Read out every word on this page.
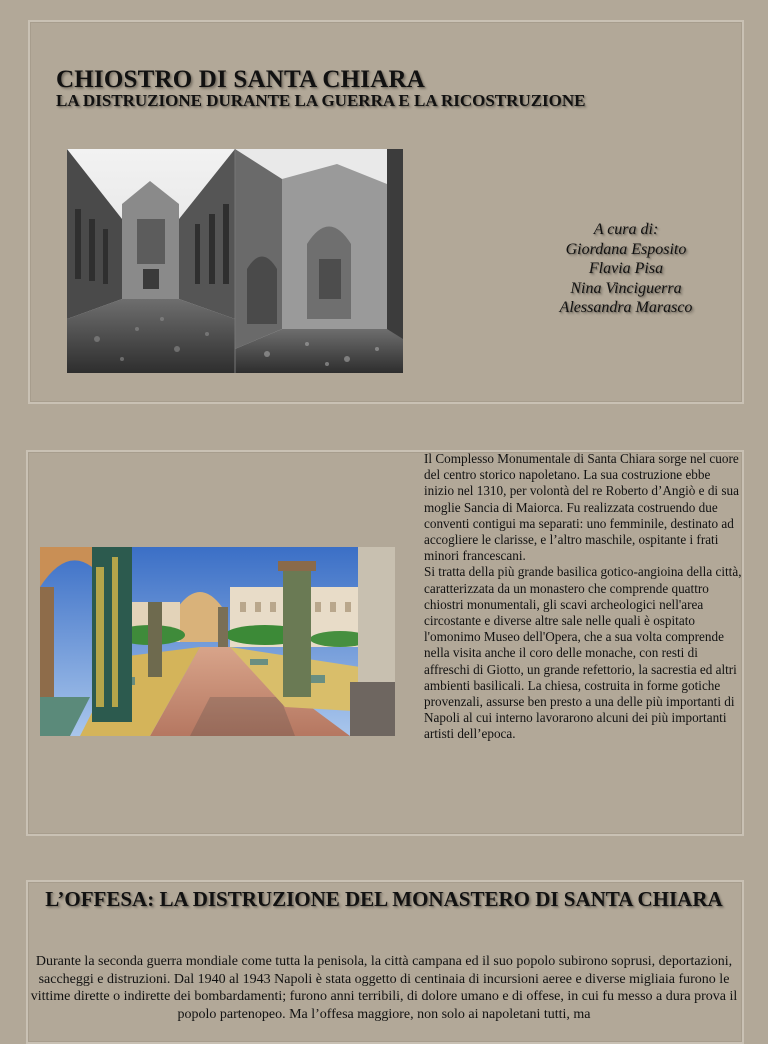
CHIOSTRO DI SANTA CHIARA
LA DISTRUZIONE DURANTE LA GUERRA E LA RICOSTRUZIONE
A cura di:
Giordana Esposito
Flavia Pisa
Nina Vinciguerra
Alessandra Marasco

Il Complesso Monumentale di Santa Chiara sorge nel cuore del centro storico napoletano. La sua costruzione ebbe inizio nel 1310, per volontà del re Roberto d’Angiò e di sua moglie Sancia di Maiorca. Fu realizzata costruendo due conventi contigui ma separati: uno femminile, destinato ad accogliere le clarisse, e l’altro maschile, ospitante i frati minori francescani.

Si tratta della più grande basilica gotico-angioina della città, caratterizzata da un monastero che comprende quattro chiostri monumentali, gli scavi archeologici nell'area circostante e diverse altre sale nelle quali è ospitato l'omonimo Museo dell'Opera, che a sua volta comprende nella visita anche il coro delle monache, con resti di affreschi di Giotto, un grande refettorio, la sacrestia ed altri ambienti basilicali. La chiesa, costruita in forme gotiche provenzali, assurse ben presto a una delle più importanti di Napoli al cui interno lavorarono alcuni dei più importanti artisti dell’epoca.

L’OFFESA: LA DISTRUZIONE DEL MONASTERO DI SANTA CHIARA
Durante la seconda guerra mondiale come tutta la penisola, la città campana ed il suo popolo subirono soprusi, deportazioni, saccheggi e distruzioni. Dal 1940 al 1943 Napoli è stata oggetto di centinaia di incursioni aeree e diverse migliaia furono le vittime dirette o indirette dei bombardamenti; furono anni terribili, di dolore umano e di offese, in cui fu messo a dura prova il popolo partenopeo. Ma l’offesa maggiore, non solo ai napoletani tutti, ma
